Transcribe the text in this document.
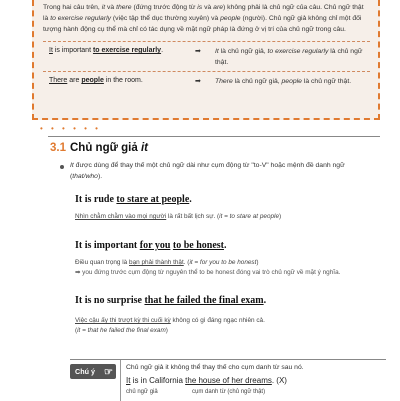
Trong hai câu trên, it và there (đứng trước động từ is và are) không phải là chủ ngữ của câu. Chủ ngữ thật là to exercise regularly (việc tập thể dục thường xuyên) và people (người). Chủ ngữ giả không chỉ một đối tượng hành động cụ thể mà chỉ có tác dụng về mặt ngữ pháp là đứng ở vị trí của chủ ngữ trong câu.

It is important to exercise regularly.	➡ It là chủ ngữ giả, to exercise regularly là chủ ngữ thật.
There are people in the room.	➡ There là chủ ngữ giả, people là chủ ngữ thật.
• • • • • •
3.1 Chủ ngữ giả it
It được dùng để thay thế một chủ ngữ dài như cụm động từ "to-V" hoặc mệnh đề danh ngữ (that/who).
It is rude to stare at people.
Nhìn chằm chằm vào mọi người là rất bất lịch sự. (it = to stare at people)
It is important for you to be honest.
Điều quan trọng là bạn phải thành thật. (it = for you to be honest)
➡ you đứng trước cụm động từ nguyên thể to be honest đóng vai trò chủ ngữ về mặt ý nghĩa.
It is no surprise that he failed the final exam.
Việc cậu ấy thi trượt kỳ thi cuối kỳ không có gì đáng ngạc nhiên cả.
(it = that he failed the final exam)
Chú ý ☞ Chủ ngữ giả it không thể thay thế cho cụm danh từ sau nó.
It is in California the house of her dreams. (X)
chủ ngữ giả	cụm danh từ (chủ ngữ thật)
